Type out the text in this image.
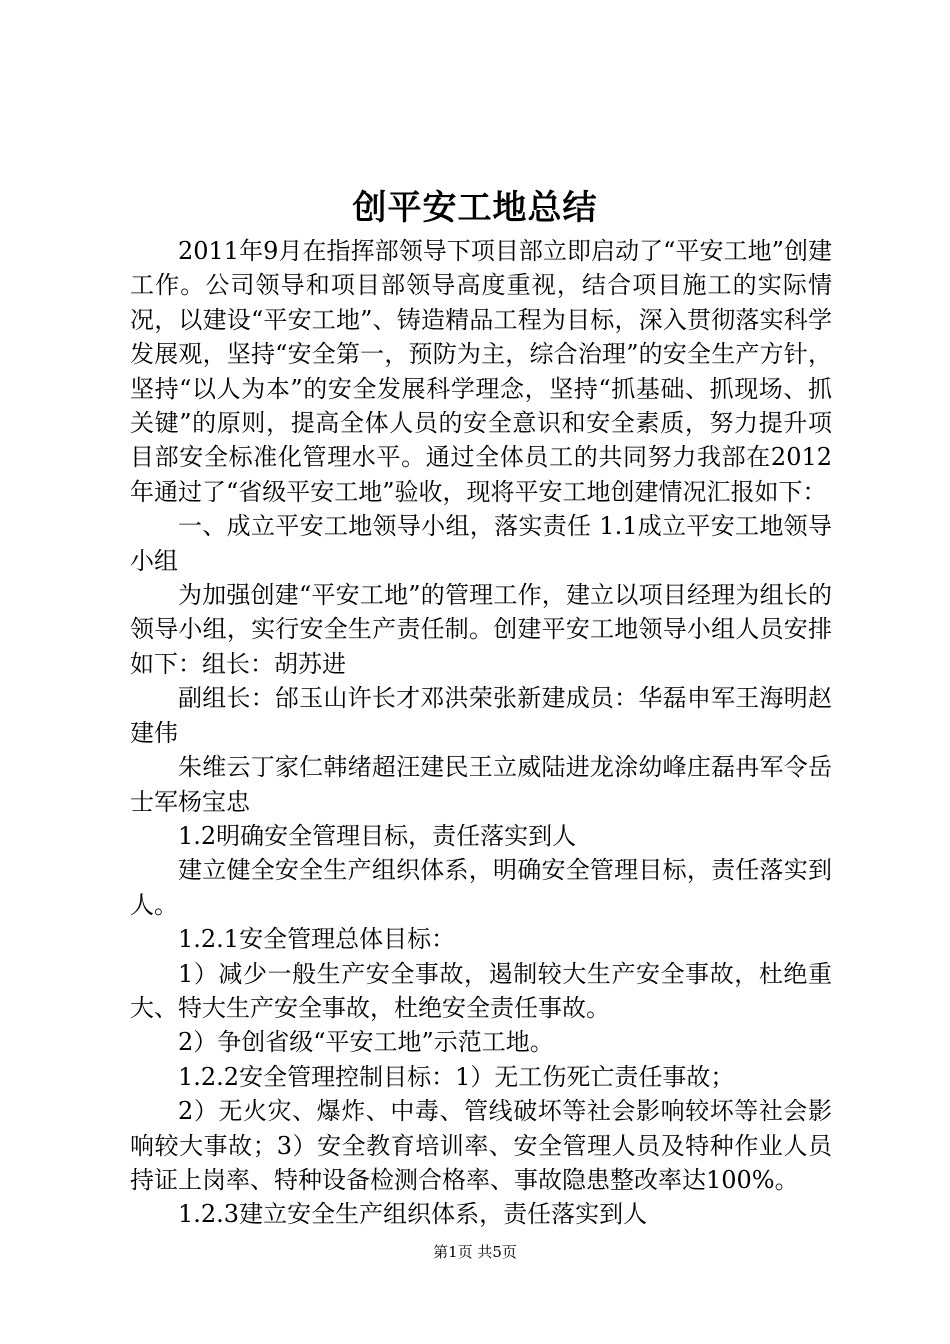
创平安工地总结

2011年9月在指挥部领导下项目部立即启动了“平安工地”创建工作。公司领导和项目部领导高度重视，结合项目施工的实际情况，以建设“平安工地”、铸造精品工程为目标，深入贯彻落实科学发展观，坚持“安全第一，预防为主，综合治理”的安全生产方针，坚持“以人为本”的安全发展科学理念，坚持“抓基础、抓现场、抓关键”的原则，提高全体人员的安全意识和安全素质，努力提升项目部安全标准化管理水平。通过全体员工的共同努力我部在2012年通过了“省级平安工地”验收，现将平安工地创建情况汇报如下：

一、成立平安工地领导小组，落实责任 1.1成立平安工地领导小组

为加强创建“平安工地”的管理工作，建立以项目经理为组长的领导小组，实行安全生产责任制。创建平安工地领导小组人员安排如下：组长：胡苏进

副组长：邰玉山许长才邓洪荣张新建成员：华磊申军王海明赵建伟

朱维云丁家仁韩绪超汪建民王立威陆进龙涂幼峰庄磊冉军令岳士军杨宝忠

1.2明确安全管理目标，责任落实到人

建立健全安全生产组织体系，明确安全管理目标，责任落实到人。

1.2.1安全管理总体目标：

1）减少一般生产安全事故，遏制较大生产安全事故，杜绝重大、特大生产安全事故，杜绝安全责任事故。

2）争创省级“平安工地”示范工地。

1.2.2安全管理控制目标：1）无工伤死亡责任事故；

2）无火灾、爆炸、中毒、管线破坏等社会影响较坏等社会影响较大事故；3）安全教育培训率、安全管理人员及特种作业人员持证上岗率、特种设备检测合格率、事故隐患整改率达100%。

1.2.3建立安全生产组织体系，责任落实到人

第1页 共5页
